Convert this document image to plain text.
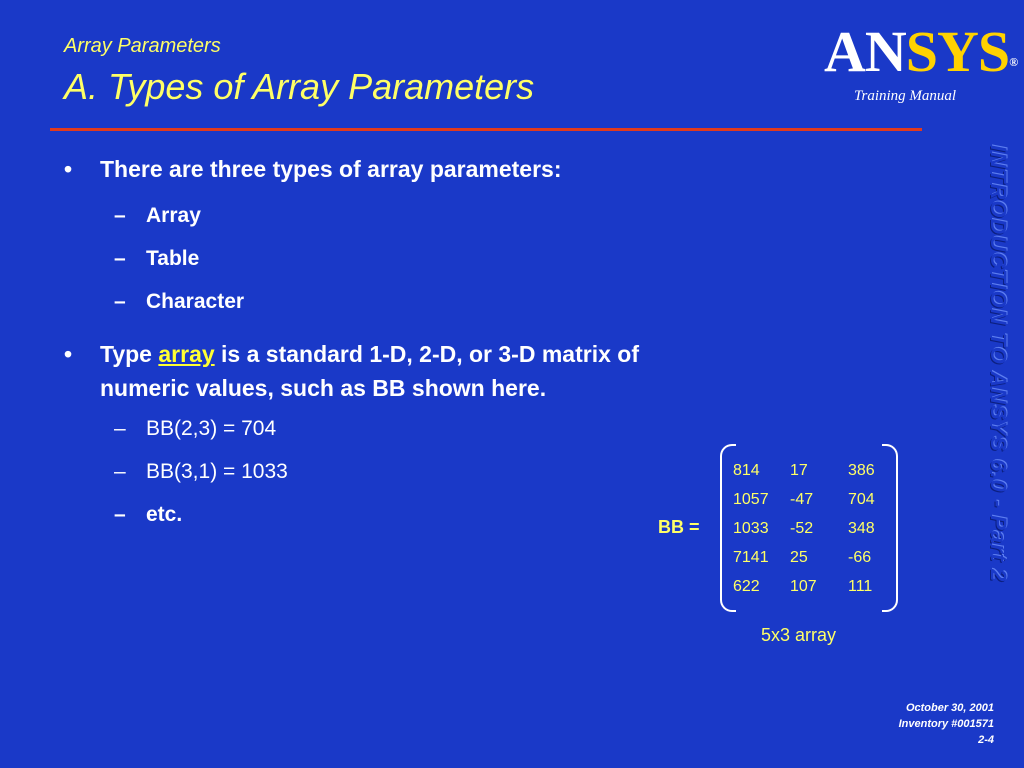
Array Parameters
A. Types of Array Parameters
ANSYS®
Training Manual
INTRODUCTION TO ANSYS 6.0 - Part 2
• There are three types of array parameters:
– Array
– Table
– Character
• Type array is a standard 1-D, 2-D, or 3-D matrix of numeric values, such as BB shown here.
– BB(2,3) = 704
– BB(3,1) = 1033
– etc.
BB =
814	17	386
1057	-47	704
1033	-52	348
7141	25	-66
622	107	111
5x3 array
October 30, 2001
Inventory #001571
2-4
